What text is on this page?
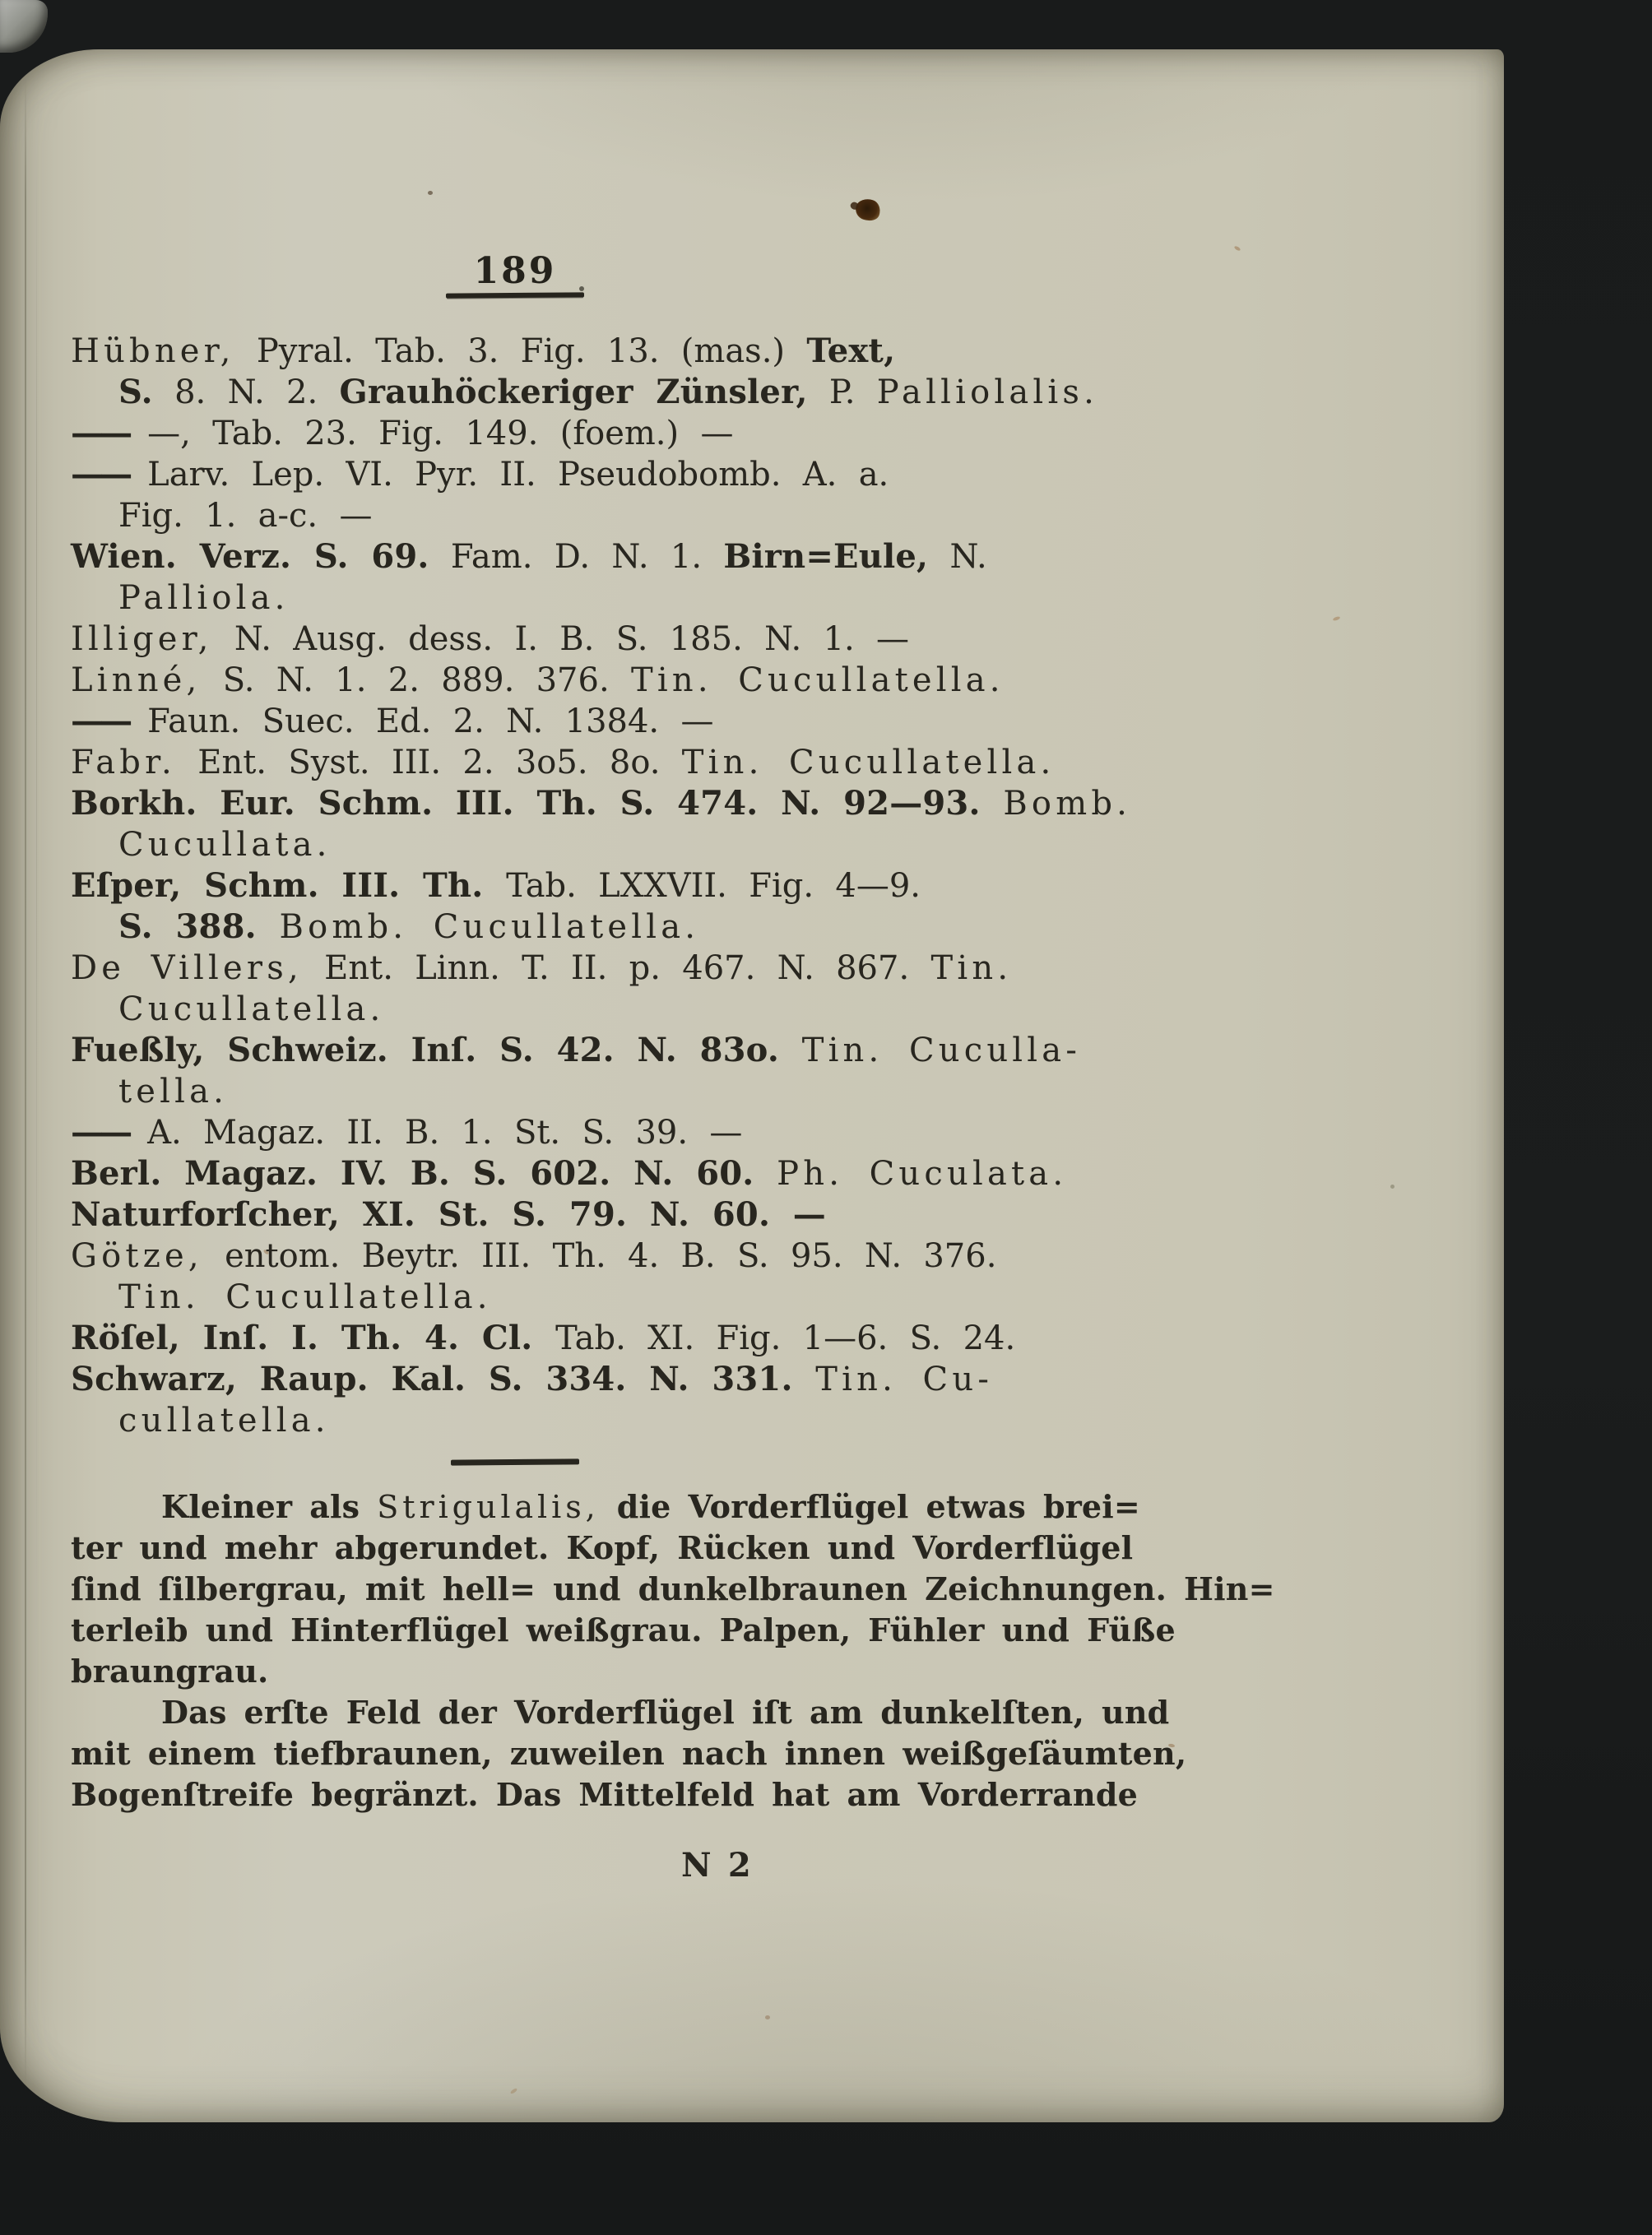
189
Hübner, Pyral. Tab. 3. Fig. 13. (mas.) Text,
S. 8. N. 2. Grauhöckeriger Zünsler, P. Palliolalis.
—— —, Tab. 23. Fig. 149. (foem.) —
—— Larv. Lep. VI. Pyr. II. Pseudobomb. A. a.
Fig. 1. a-c. —
Wien. Verz. S. 69. Fam. D. N. 1. Birn=Eule, N.
Palliola.
Illiger, N. Ausg. dess. I. B. S. 185. N. 1. —
Linné, S. N. 1. 2. 889. 376. Tin. Cucullatella.
—— Faun. Suec. Ed. 2. N. 1384. —
Fabr. Ent. Syst. III. 2. 3o5. 8o. Tin. Cucullatella.
Borkh. Eur. Schm. III. Th. S. 474. N. 92—93. Bomb.
Cucullata.
Eſper, Schm. III. Th. Tab. LXXVII. Fig. 4—9.
S. 388. Bomb. Cucullatella.
De Villers, Ent. Linn. T. II. p. 467. N. 867. Tin.
Cucullatella.
Fueßly, Schweiz. Inſ. S. 42. N. 83o. Tin. Cuculla-
tella.
—— A. Magaz. II. B. 1. St. S. 39. —
Berl. Magaz. IV. B. S. 602. N. 60. Ph. Cuculata.
Naturforſcher, XI. St. S. 79. N. 60. —
Götze, entom. Beytr. III. Th. 4. B. S. 95. N. 376.
Tin. Cucullatella.
Röſel, Inſ. I. Th. 4. Cl. Tab. XI. Fig. 1—6. S. 24.
Schwarz, Raup. Kal. S. 334. N. 331. Tin. Cu-
cullatella.
Kleiner als Strigulalis, die Vorderflügel etwas brei=
ter und mehr abgerundet. Kopf, Rücken und Vorderflügel
ſind ſilbergrau, mit hell= und dunkelbraunen Zeichnungen. Hin=
terleib und Hinterflügel weißgrau. Palpen, Fühler und Füße
braungrau.
Das erſte Feld der Vorderflügel iſt am dunkelſten, und
mit einem tiefbraunen, zuweilen nach innen weißgeſäumten,
Bogenſtreife begränzt. Das Mittelfeld hat am Vorderrande
N 2
